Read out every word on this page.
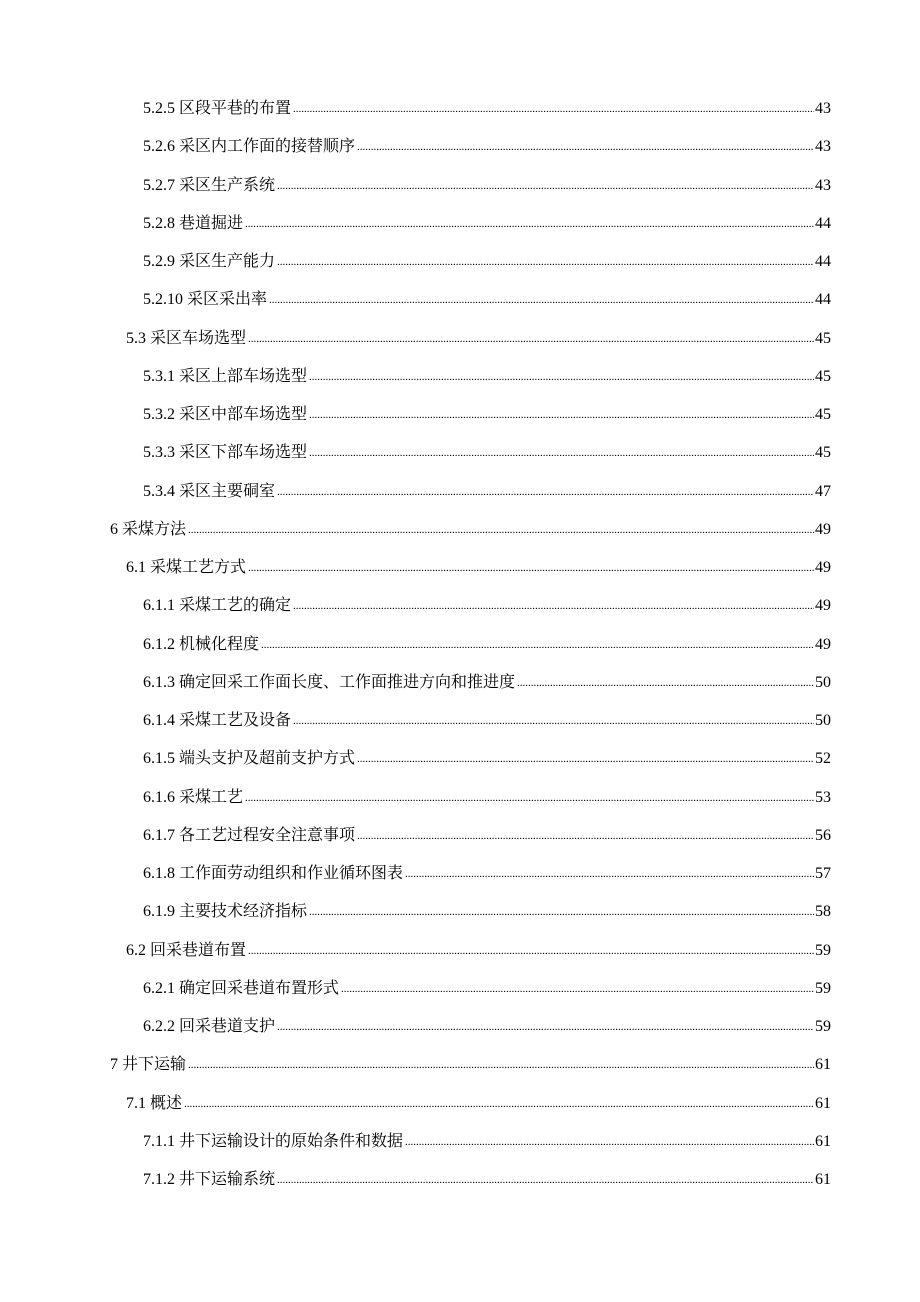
5.2.5 区段平巷的布置 .....	43
5.2.6 采区内工作面的接替顺序 .....	43
5.2.7 采区生产系统 .....	43
5.2.8 巷道掘进 .....	44
5.2.9 采区生产能力 .....	44
5.2.10 采区采出率 .....	44
5.3 采区车场选型 .....	45
5.3.1 采区上部车场选型 .....	45
5.3.2 采区中部车场选型 .....	45
5.3.3 采区下部车场选型 .....	45
5.3.4 采区主要硐室 .....	47
6 采煤方法 .....	49
6.1 采煤工艺方式 .....	49
6.1.1 采煤工艺的确定 .....	49
6.1.2 机械化程度 .....	49
6.1.3 确定回采工作面长度、工作面推进方向和推进度 .....	50
6.1.4 采煤工艺及设备 .....	50
6.1.5 端头支护及超前支护方式 .....	52
6.1.6 采煤工艺 .....	53
6.1.7 各工艺过程安全注意事项 .....	56
6.1.8 工作面劳动组织和作业循环图表 .....	57
6.1.9 主要技术经济指标 .....	58
6.2 回采巷道布置 .....	59
6.2.1 确定回采巷道布置形式 .....	59
6.2.2 回采巷道支护 .....	59
7 井下运输 .....	61
7.1 概述 .....	61
7.1.1 井下运输设计的原始条件和数据 .....	61
7.1.2 井下运输系统 .....	61
